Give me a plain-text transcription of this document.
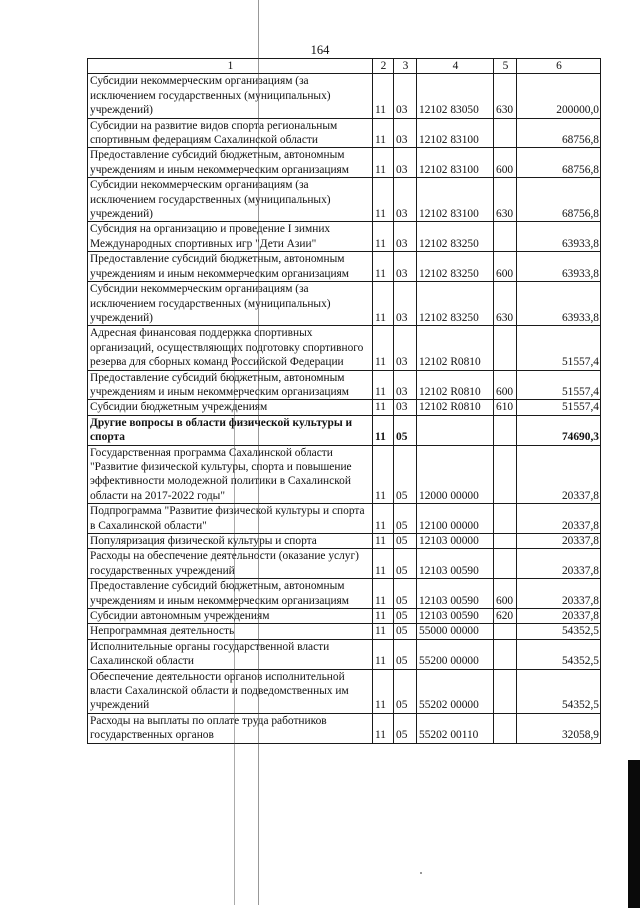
164
1	2	3	4	5	6
Субсидии некоммерческим организациям (за исключением государственных (муниципальных) учреждений)	11	03	12102 83050	630	200000,0
Субсидии на развитие видов спорта региональным спортивным федерациям Сахалинской области	11	03	12102 83100		68756,8
Предоставление субсидий бюджетным, автономным учреждениям и иным некоммерческим организациям	11	03	12102 83100	600	68756,8
Субсидии некоммерческим организациям (за исключением государственных (муниципальных) учреждений)	11	03	12102 83100	630	68756,8
Субсидия на организацию и проведение I зимних Международных спортивных игр "Дети Азии"	11	03	12102 83250		63933,8
Предоставление субсидий бюджетным, автономным учреждениям и иным некоммерческим организациям	11	03	12102 83250	600	63933,8
Субсидии некоммерческим организациям (за исключением государственных (муниципальных) учреждений)	11	03	12102 83250	630	63933,8
Адресная финансовая поддержка спортивных организаций, осуществляющих подготовку спортивного резерва для сборных команд Российской Федерации	11	03	12102 R0810		51557,4
Предоставление субсидий бюджетным, автономным учреждениям и иным некоммерческим организациям	11	03	12102 R0810	600	51557,4
Субсидии бюджетным учреждениям	11	03	12102 R0810	610	51557,4
Другие вопросы в области физической культуры и спорта	11	05			74690,3
Государственная программа Сахалинской области "Развитие физической культуры, спорта и повышение эффективности молодежной политики в Сахалинской области на 2017-2022 годы"	11	05	12000 00000		20337,8
Подпрограмма "Развитие физической культуры и спорта в Сахалинской области"	11	05	12100 00000		20337,8
Популяризация физической культуры и спорта	11	05	12103 00000		20337,8
Расходы на обеспечение деятельности (оказание услуг) государственных учреждений	11	05	12103 00590		20337,8
Предоставление субсидий бюджетным, автономным учреждениям и иным некоммерческим организациям	11	05	12103 00590	600	20337,8
Субсидии автономным учреждениям	11	05	12103 00590	620	20337,8
Непрограммная деятельность	11	05	55000 00000		54352,5
Исполнительные органы государственной власти Сахалинской области	11	05	55200 00000		54352,5
Обеспечение деятельности органов исполнительной власти Сахалинской области и подведомственных им учреждений	11	05	55202 00000		54352,5
Расходы на выплаты по оплате труда работников государственных органов	11	05	55202 00110		32058,9
